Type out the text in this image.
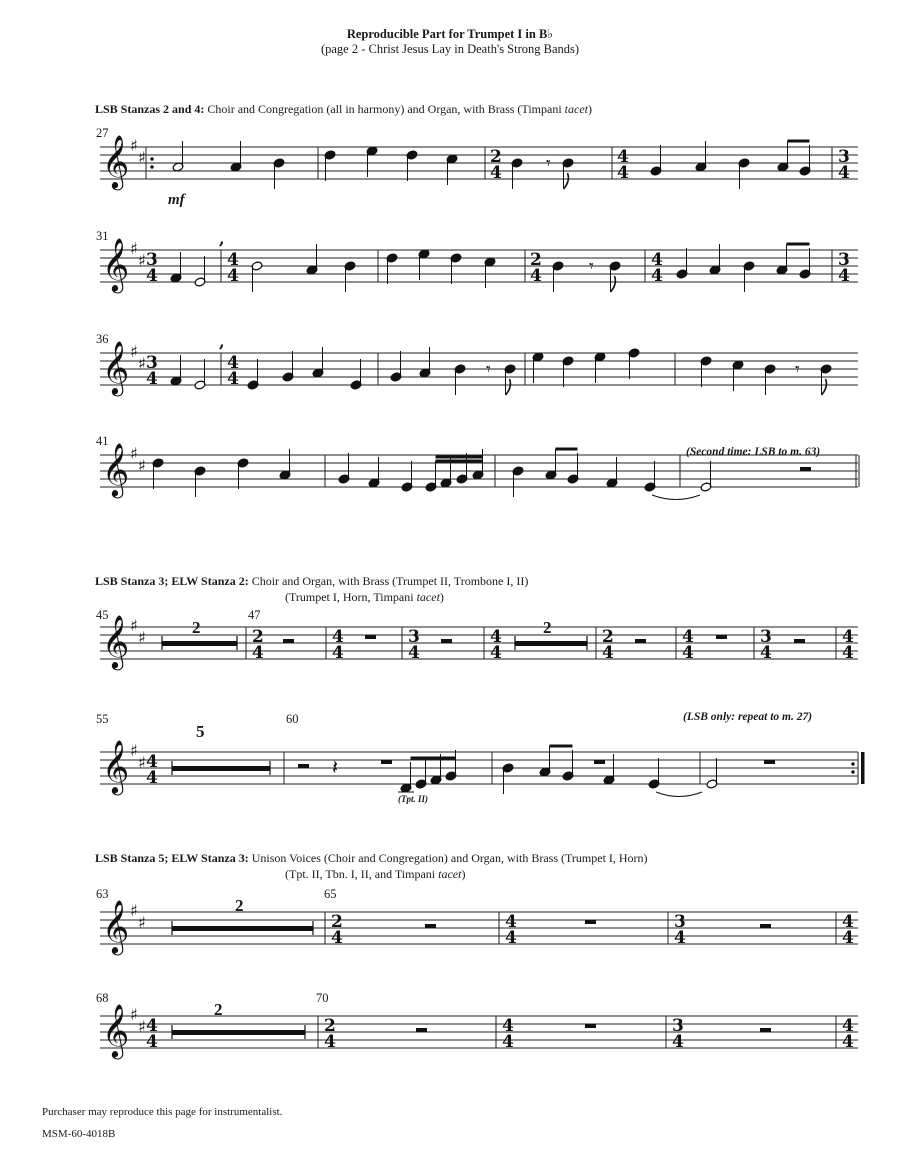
Reproducible Part for Trumpet I in B♭
(page 2 - Christ Jesus Lay in Death's Strong Bands)
LSB Stanzas 2 and 4: Choir and Congregation (all in harmony) and Organ, with Brass (Timpani tacet)
LSB Stanza 3; ELW Stanza 2: Choir and Organ, with Brass (Trumpet II, Trombone I, II)
(Trumpet I, Horn, Timpani tacet)
LSB Stanza 5; ELW Stanza 3: Unison Voices (Choir and Congregation) and Organ, with Brass (Trumpet I, Horn)
(Tpt. II, Tbn. I, II, and Timpani tacet)
27
31
36
41
45	47
55	60
63	65
68	70
(Second time: LSB to m. 63)
(LSB only: repeat to m. 27)
(Tpt. II)
mf
2	2
5
2
2
𝄞 ♯
♯	2
4 𝄾	4
4
3
4
𝄞 ♯
♯ 3
4
,
4
4
2
4	𝄾	4
4
3
4
𝄞 ♯
♯ 3
4
,
4
4	𝄾	𝄾
𝄞 ♯
♯
𝄞 ♯
♯	2
4
4
4
3
4
4
4
2
4
4
4
3
4
4
4
𝄞 ♯
♯ 4
4	𝄽
𝄞 ♯
♯	2
4
4
4
3
4
4
4
𝄞 ♯
♯ 4
4
2
4
4
4
3
4
4
4
Purchaser may reproduce this page for instrumentalist.
MSM-60-4018B
